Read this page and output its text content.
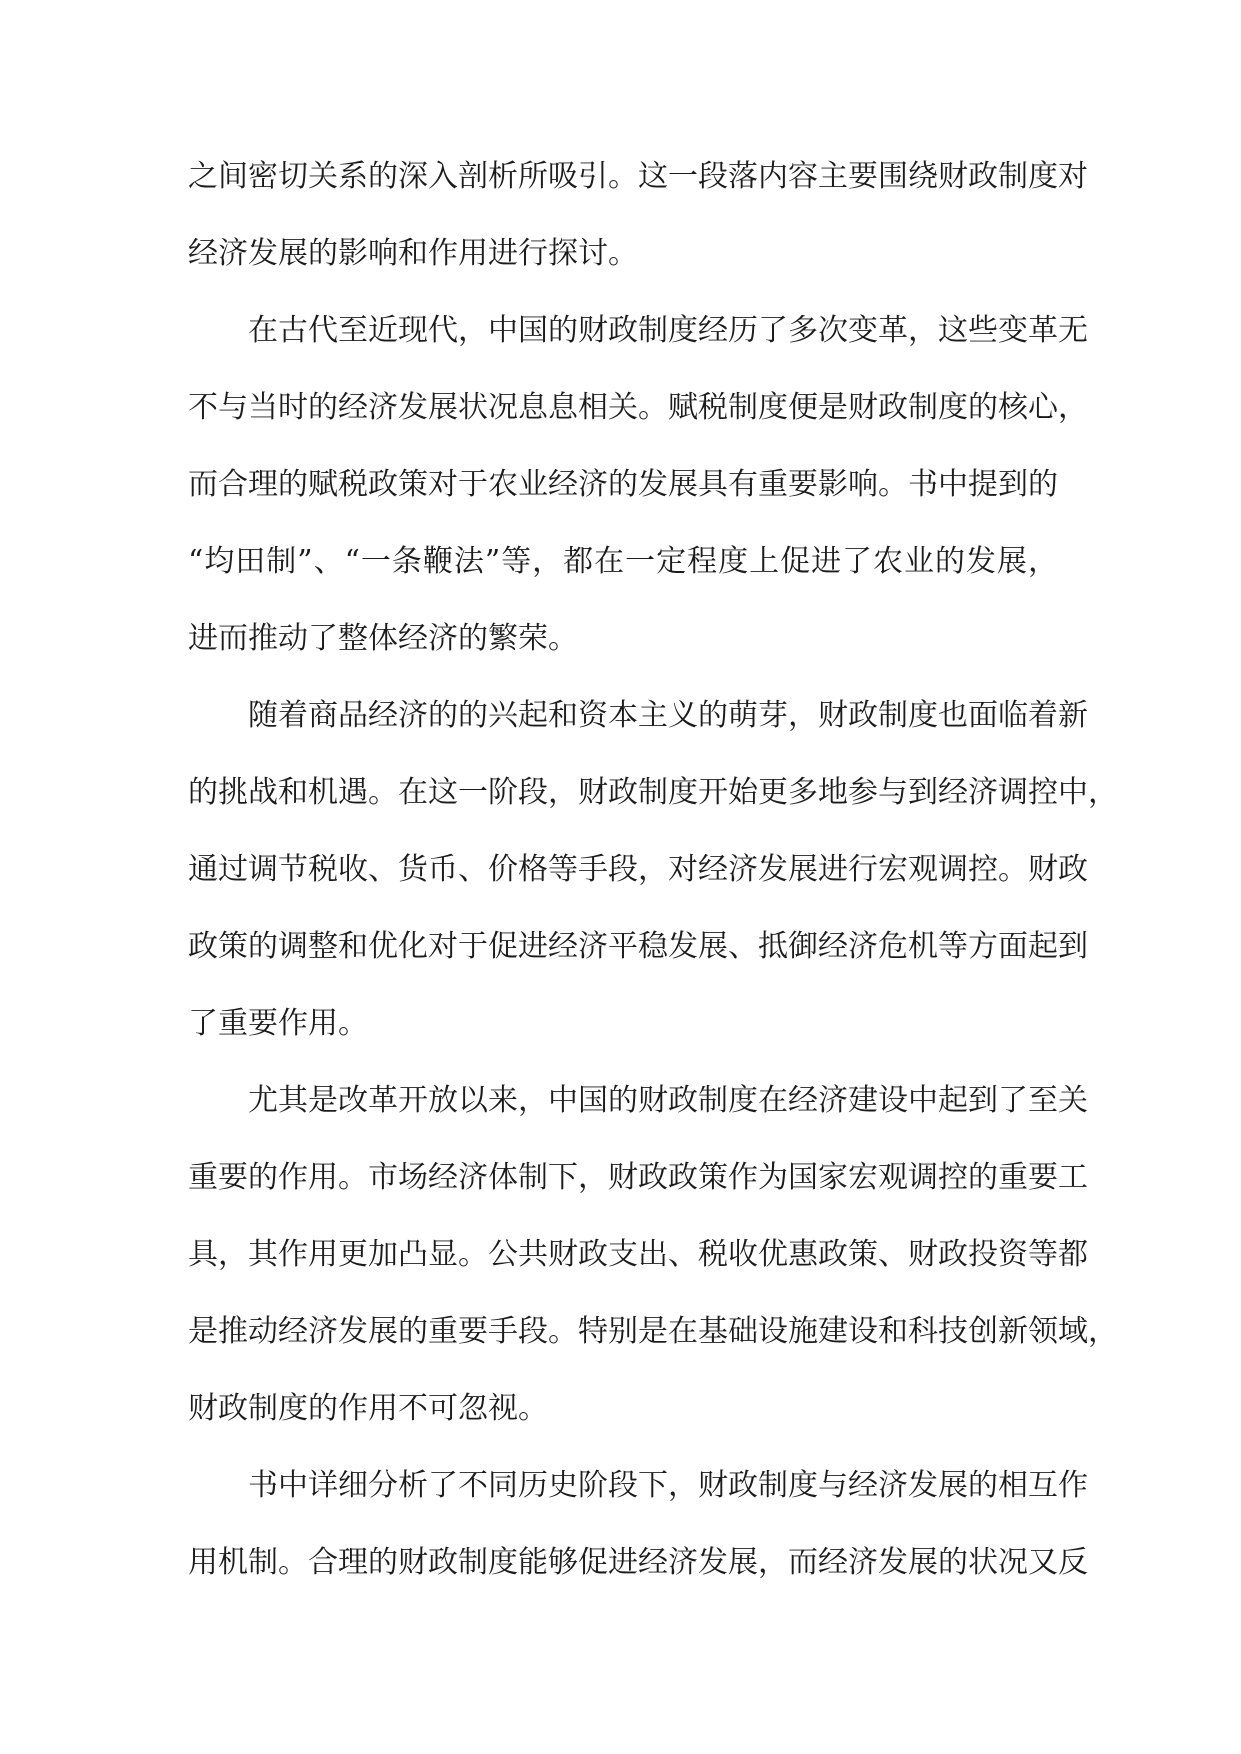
之间密切关系的深入剖析所吸引。这一段落内容主要围绕财政制度对
经济发展的影响和作用进行探讨。
在古代至近现代，中国的财政制度经历了多次变革，这些变革无
不与当时的经济发展状况息息相关。赋税制度便是财政制度的核心，
而合理的赋税政策对于农业经济的发展具有重要影响。书中提到的
“均田制”、“一条鞭法”等，都在一定程度上促进了农业的发展，
进而推动了整体经济的繁荣。
随着商品经济的的兴起和资本主义的萌芽，财政制度也面临着新
的挑战和机遇。在这一阶段，财政制度开始更多地参与到经济调控中，
通过调节税收、货币、价格等手段，对经济发展进行宏观调控。财政
政策的调整和优化对于促进经济平稳发展、抵御经济危机等方面起到
了重要作用。
尤其是改革开放以来，中国的财政制度在经济建设中起到了至关
重要的作用。市场经济体制下，财政政策作为国家宏观调控的重要工
具，其作用更加凸显。公共财政支出、税收优惠政策、财政投资等都
是推动经济发展的重要手段。特别是在基础设施建设和科技创新领域，
财政制度的作用不可忽视。
书中详细分析了不同历史阶段下，财政制度与经济发展的相互作
用机制。合理的财政制度能够促进经济发展，而经济发展的状况又反
